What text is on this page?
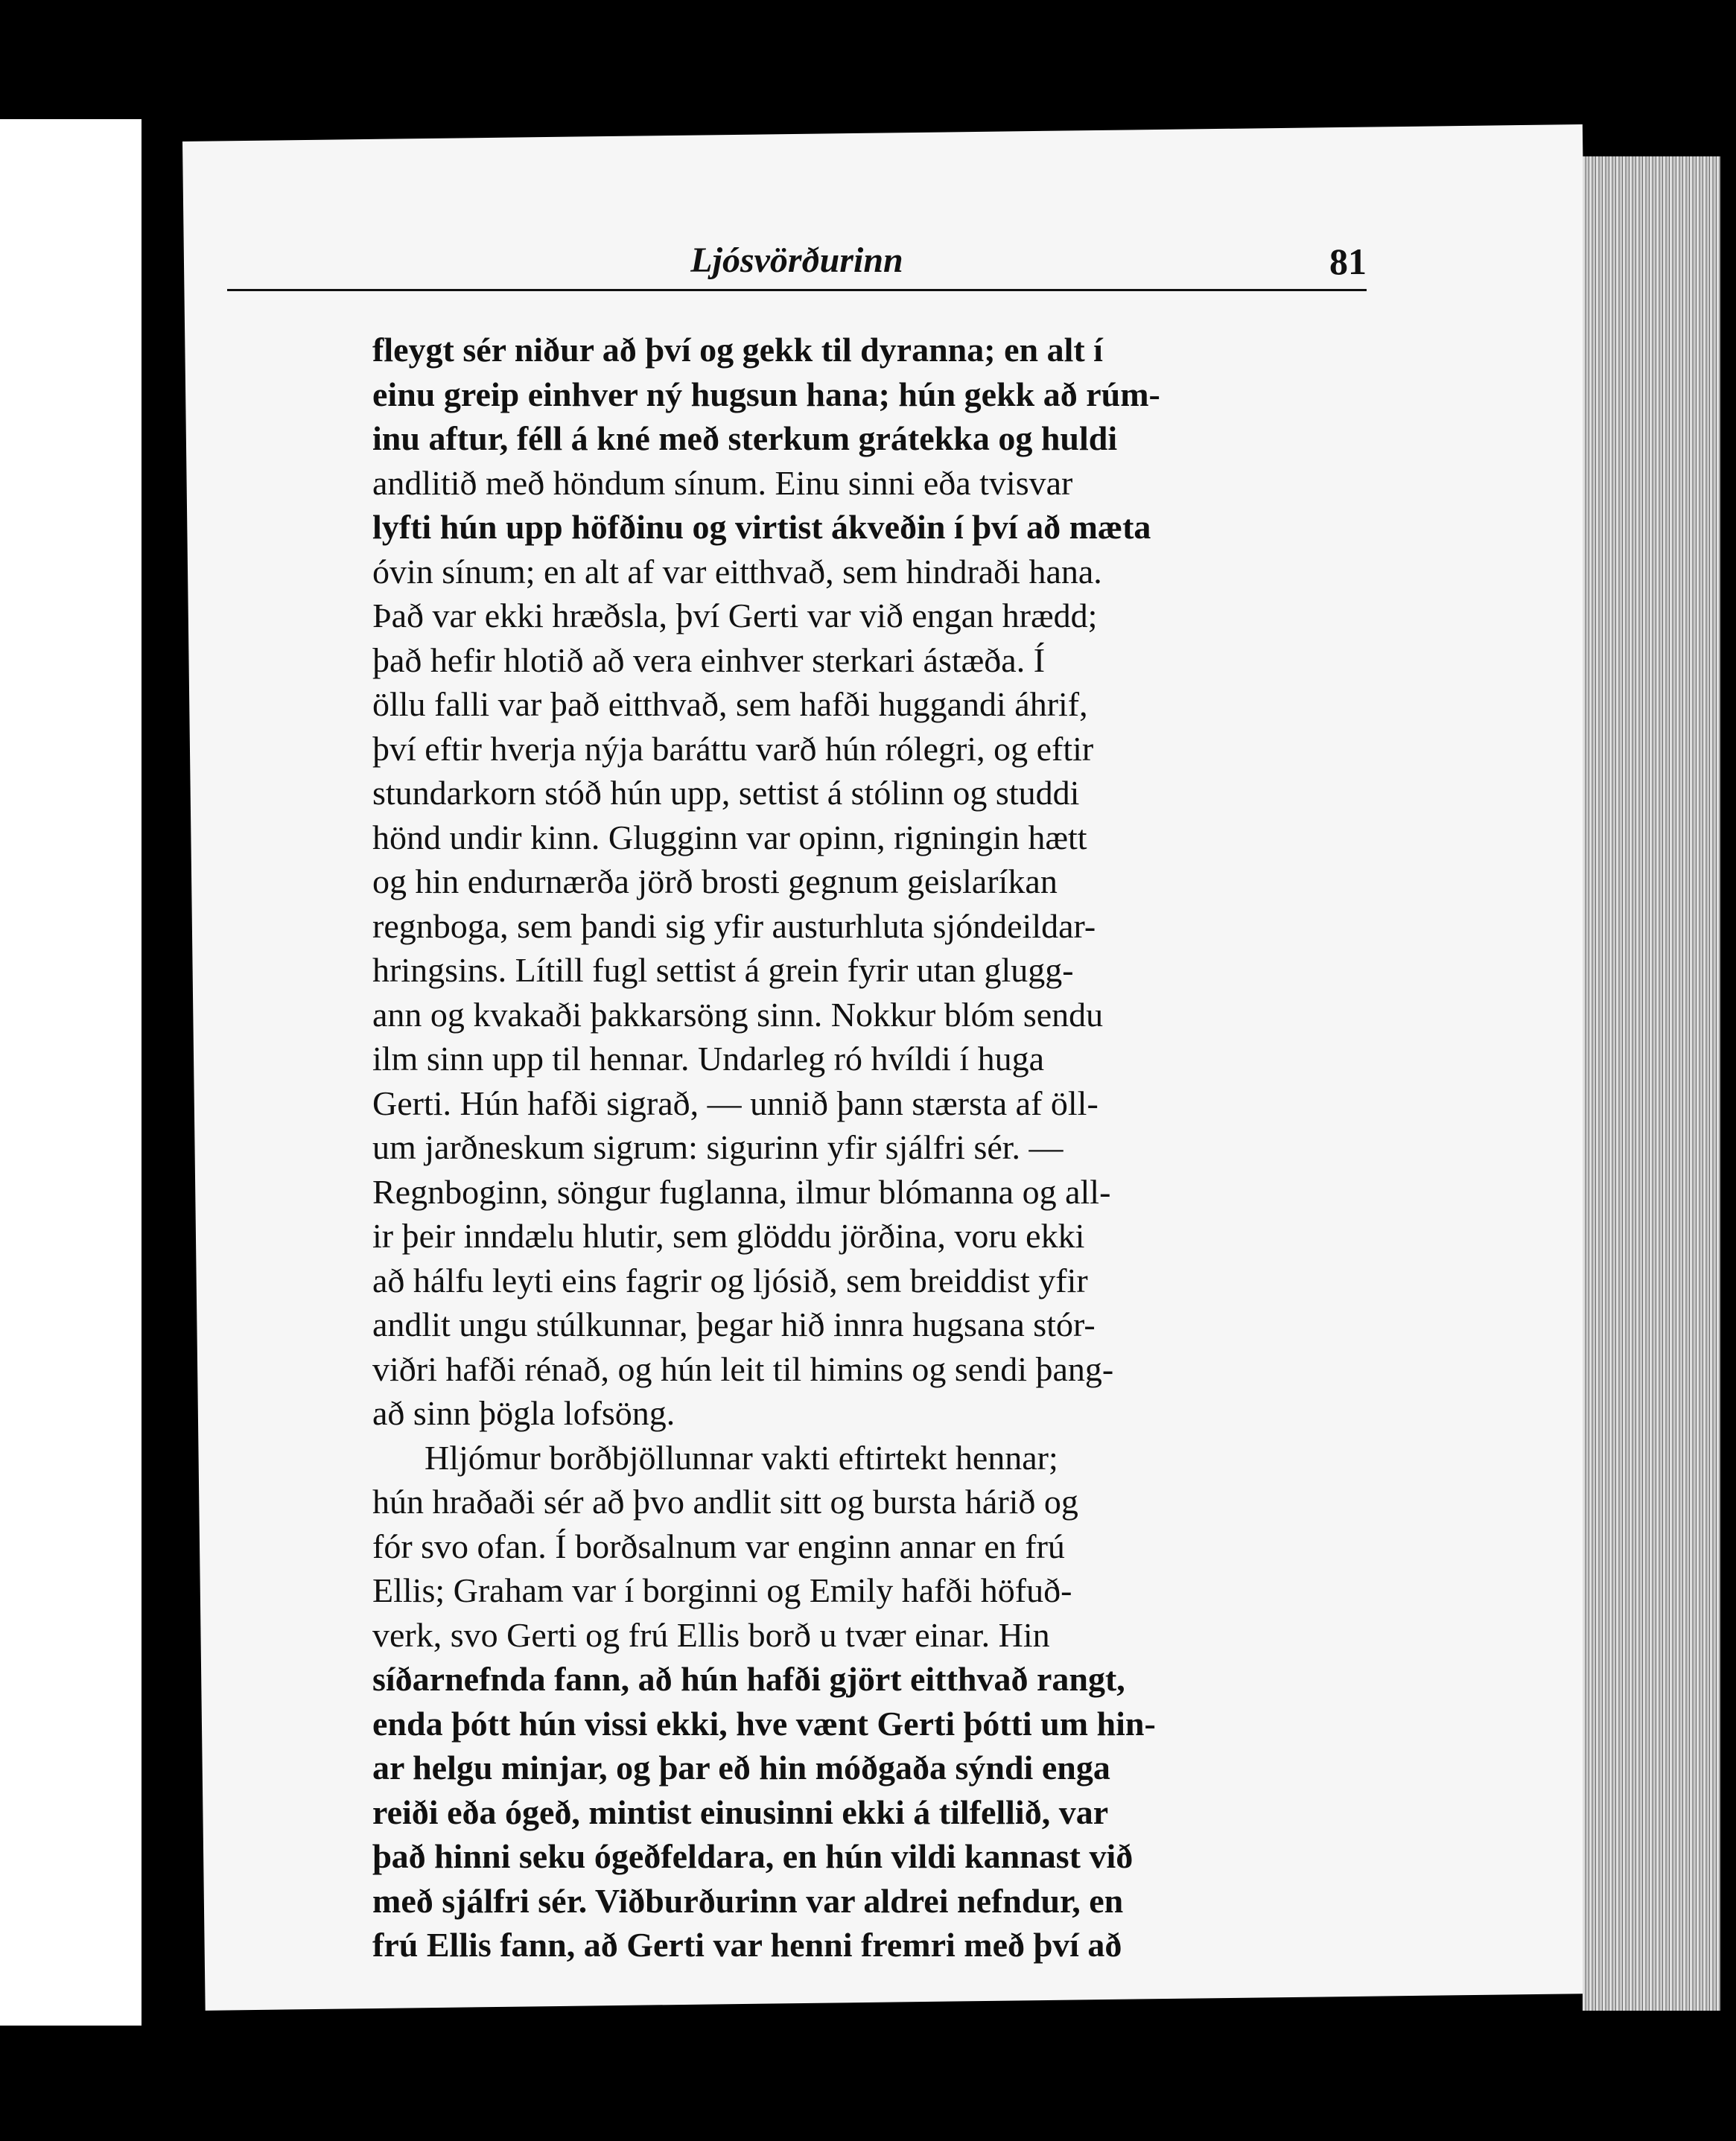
Ljósvörðurinn	81
fleygt sér niður að því og gekk til dyranna; en alt í
einu greip einhver ný hugsun hana; hún gekk að rúm-
inu aftur, féll á kné með sterkum grátekka og huldi
andlitið með höndum sínum. Einu sinni eða tvisvar
lyfti hún upp höfðinu og virtist ákveðin í því að mæta
óvin sínum; en alt af var eitthvað, sem hindraði hana.
Það var ekki hræðsla, því Gerti var við engan hrædd;
það hefir hlotið að vera einhver sterkari ástæða. Í
öllu falli var það eitthvað, sem hafði huggandi áhrif,
því eftir hverja nýja baráttu varð hún rólegri, og eftir
stundarkorn stóð hún upp, settist á stólinn og studdi
hönd undir kinn. Glugginn var opinn, rigningin hætt
og hin endurnærða jörð brosti gegnum geislaríkan
regnboga, sem þandi sig yfir austurhluta sjóndeildar-
hringsins. Lítill fugl settist á grein fyrir utan glugg-
ann og kvakaði þakkarsöng sinn. Nokkur blóm sendu
ilm sinn upp til hennar. Undarleg ró hvíldi í huga
Gerti. Hún hafði sigrað, — unnið þann stærsta af öll-
um jarðneskum sigrum: sigurinn yfir sjálfri sér. —
Regnboginn, söngur fuglanna, ilmur blómanna og all-
ir þeir inndælu hlutir, sem glöddu jörðina, voru ekki
að hálfu leyti eins fagrir og ljósið, sem breiddist yfir
andlit ungu stúlkunnar, þegar hið innra hugsana stór-
viðri hafði rénað, og hún leit til himins og sendi þang-
að sinn þögla lofsöng.
Hljómur borðbjöllunnar vakti eftirtekt hennar;
hún hraðaði sér að þvo andlit sitt og bursta hárið og
fór svo ofan. Í borðsalnum var enginn annar en frú
Ellis; Graham var í borginni og Emily hafði höfuð-
verk, svo Gerti og frú Ellis borð u tvær einar. Hin
síðarnefnda fann, að hún hafði gjört eitthvað rangt,
enda þótt hún vissi ekki, hve vænt Gerti þótti um hin-
ar helgu minjar, og þar eð hin móðgaða sýndi enga
reiði eða ógeð, mintist einusinni ekki á tilfellið, var
það hinni seku ógeðfeldara, en hún vildi kannast við
með sjálfri sér. Viðburðurinn var aldrei nefndur, en
frú Ellis fann, að Gerti var henni fremri með því að
